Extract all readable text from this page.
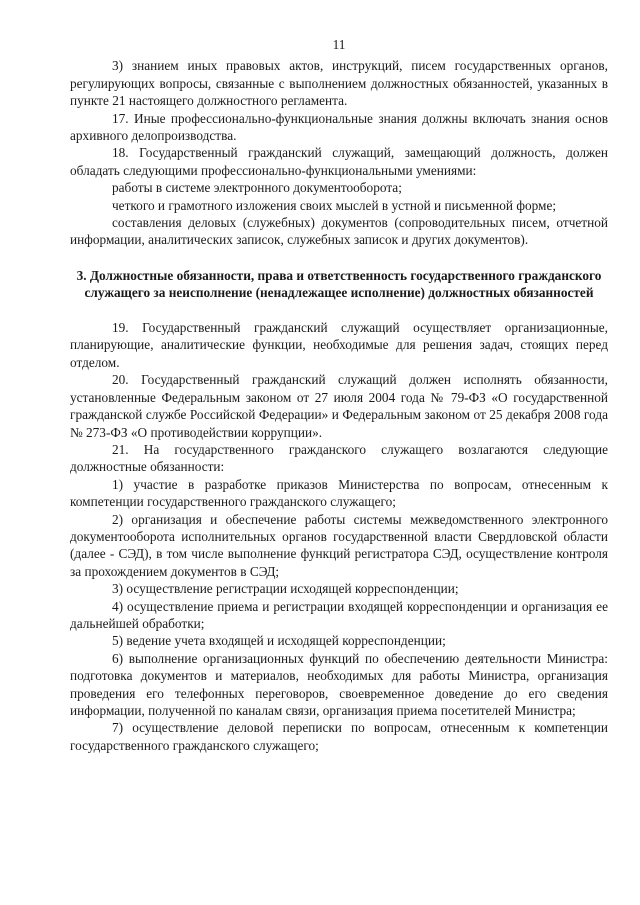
11

3) знанием иных правовых актов, инструкций, писем государственных органов, регулирующих вопросы, связанные с выполнением должностных обязанностей, указанных в пункте 21 настоящего должностного регламента.

17. Иные профессионально-функциональные знания должны включать знания основ архивного делопроизводства.

18. Государственный гражданский служащий, замещающий должность, должен обладать следующими профессионально-функциональными умениями:

работы в системе электронного документооборота;

четкого и грамотного изложения своих мыслей в устной и письменной форме;

составления деловых (служебных) документов (сопроводительных писем, отчетной информации, аналитических записок, служебных записок и других документов).

3. Должностные обязанности, права и ответственность государственного гражданского служащего за неисполнение (ненадлежащее исполнение) должностных обязанностей

19. Государственный гражданский служащий осуществляет организационные, планирующие, аналитические функции, необходимые для решения задач, стоящих перед отделом.

20. Государственный гражданский служащий должен исполнять обязанности, установленные Федеральным законом от 27 июля 2004 года № 79-ФЗ «О государственной гражданской службе Российской Федерации» и Федеральным законом от 25 декабря 2008 года № 273-ФЗ «О противодействии коррупции».

21. На государственного гражданского служащего возлагаются следующие должностные обязанности:

1) участие в разработке приказов Министерства по вопросам, отнесенным к компетенции государственного гражданского служащего;

2) организация и обеспечение работы системы межведомственного электронного документооборота исполнительных органов государственной власти Свердловской области (далее - СЭД), в том числе выполнение функций регистратора СЭД, осуществление контроля за прохождением документов в СЭД;

3) осуществление регистрации исходящей корреспонденции;

4) осуществление приема и регистрации входящей корреспонденции и организация ее дальнейшей обработки;

5) ведение учета входящей и исходящей корреспонденции;

6) выполнение организационных функций по обеспечению деятельности Министра: подготовка документов и материалов, необходимых для работы Министра, организация проведения его телефонных переговоров, своевременное доведение до его сведения информации, полученной по каналам связи, организация приема посетителей Министра;

7) осуществление деловой переписки по вопросам, отнесенным к компетенции государственного гражданского служащего;
